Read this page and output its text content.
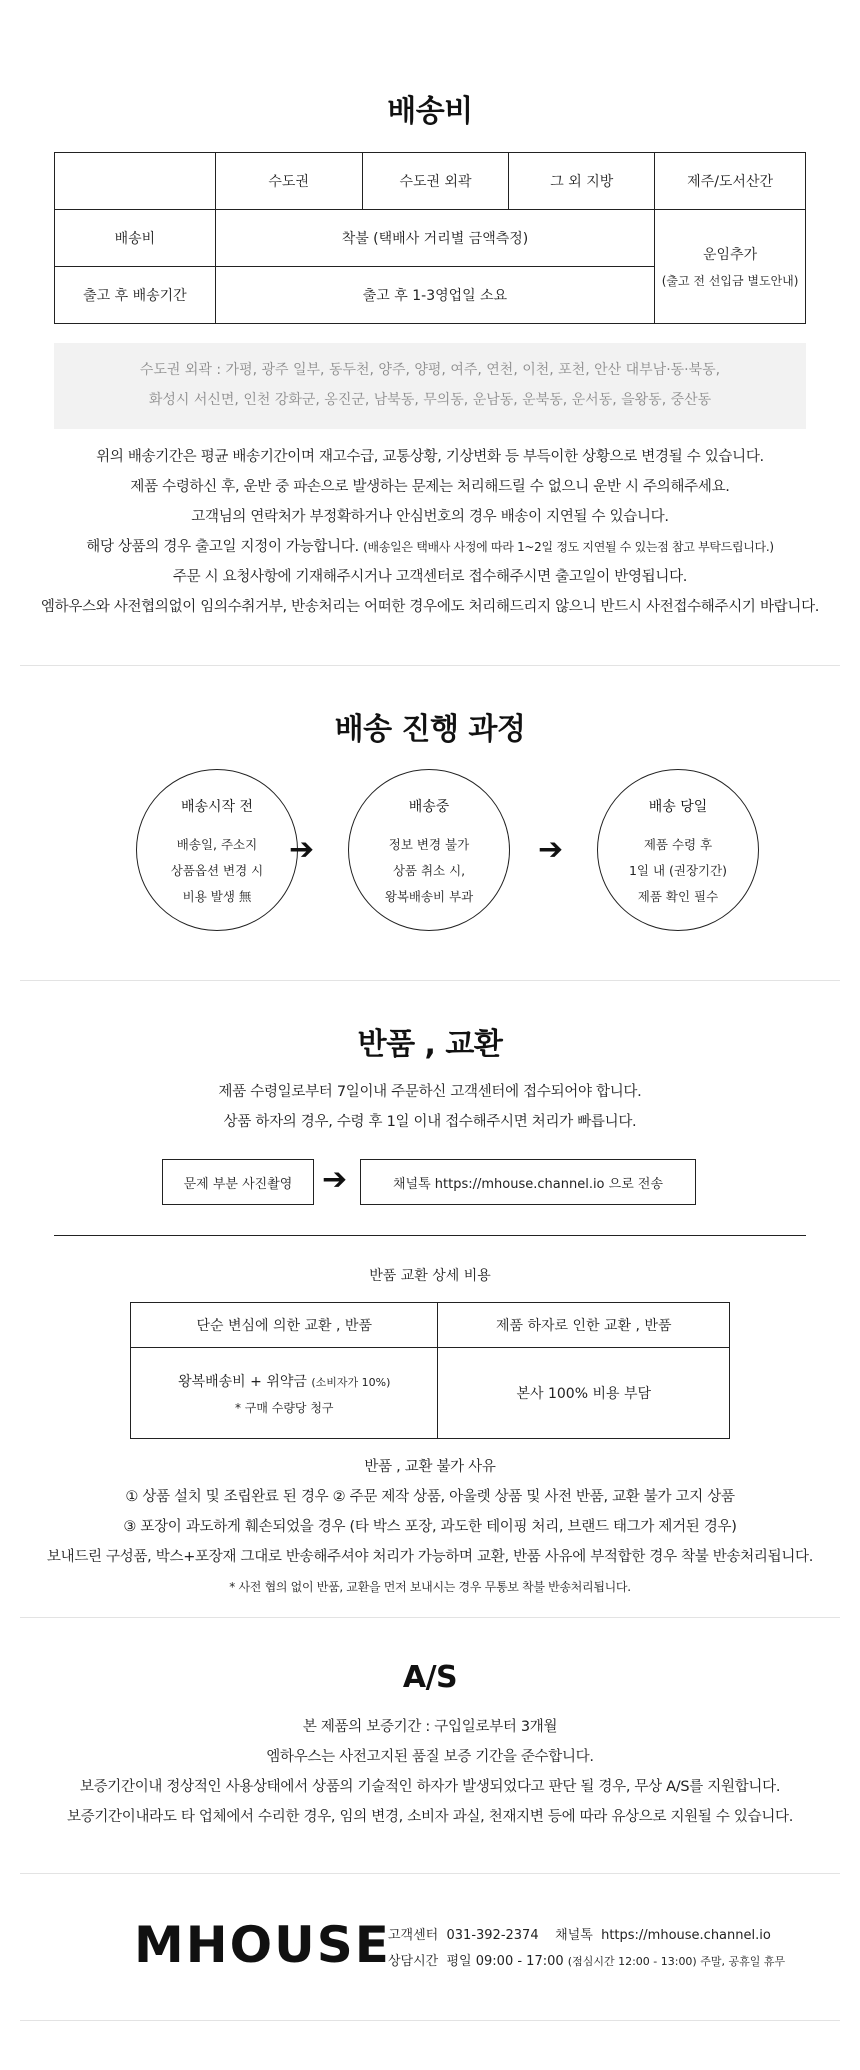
배송비
	수도권	수도권 외곽	그 외 지방	제주/도서산간
배송비	착불 (택배사 거리별 금액측정)			운임추가
(출고 전 선입금 별도안내)

출고 후 배송기간	출고 후 1-3영업일 소요			
수도권 외곽 : 가평, 광주 일부, 동두천, 양주, 양평, 여주, 연천, 이천, 포천, 안산 대부남·동·북동,
화성시 서신면, 인천 강화군, 옹진군, 남북동, 무의동, 운남동, 운북동, 운서동, 을왕동, 중산동
위의 배송기간은 평균 배송기간이며 재고수급, 교통상황, 기상변화 등 부득이한 상황으로 변경될 수 있습니다.
제품 수령하신 후, 운반 중 파손으로 발생하는 문제는 처리해드릴 수 없으니 운반 시 주의해주세요.
고객님의 연락처가 부정확하거나 안심번호의 경우 배송이 지연될 수 있습니다.
해당 상품의 경우 출고일 지정이 가능합니다. (배송일은 택배사 사정에 따라 1~2일 정도 지연될 수 있는점 참고 부탁드립니다.)
주문 시 요청사항에 기재해주시거나 고객센터로 접수해주시면 출고일이 반영됩니다.
엠하우스와 사전협의없이 임의수취거부, 반송처리는 어떠한 경우에도 처리해드리지 않으니 반드시 사전접수해주시기 바랍니다.
배송 진행 과정
배송시작 전
배송일, 주소지
상품옵션 변경 시
비용 발생 無
➔
배송중
정보 변경 불가
상품 취소 시,
왕복배송비 부과
➔
배송 당일
제품 수령 후
1일 내 (권장기간)
제품 확인 필수
반품 , 교환
제품 수령일로부터 7일이내 주문하신 고객센터에 접수되어야 합니다.
상품 하자의 경우, 수령 후 1일 이내 접수해주시면 처리가 빠릅니다.
문제 부분 사진촬영 ➔	채널톡 https://mhouse.channel.io 으로 전송
반품 교환 상세 비용
단순 변심에 의한 교환 , 반품	제품 하자로 인한 교환 , 반품

왕복배송비 + 위약금 (소비자가 10%)
* 구매 수량당 청구	본사 100% 비용 부담
반품 , 교환 불가 사유
① 상품 설치 및 조립완료 된 경우 ② 주문 제작 상품, 아울렛 상품 및 사전 반품, 교환 불가 고지 상품
③ 포장이 과도하게 훼손되었을 경우 (타 박스 포장, 과도한 테이핑 처리, 브랜드 태그가 제거된 경우)
보내드린 구성품, 박스+포장재 그대로 반송해주셔야 처리가 가능하며 교환, 반품 사유에 부적합한 경우 착불 반송처리됩니다.
* 사전 협의 없이 반품, 교환을 먼저 보내시는 경우 무통보 착불 반송처리됩니다.
A/S
본 제품의 보증기간 : 구입일로부터 3개월
엠하우스는 사전고지된 품질 보증 기간을 준수합니다.
보증기간이내 정상적인 사용상태에서 상품의 기술적인 하자가 발생되었다고 판단 될 경우, 무상 A/S를 지원합니다.
보증기간이내라도 타 업체에서 수리한 경우, 임의 변경, 소비자 과실, 천재지변 등에 따라 유상으로 지원될 수 있습니다.
MHOUSE
고객센터 031-392-2374 채널톡 https://mhouse.channel.io
상담시간 평일 09:00 - 17:00 (점심시간 12:00 - 13:00) 주말, 공휴일 휴무
